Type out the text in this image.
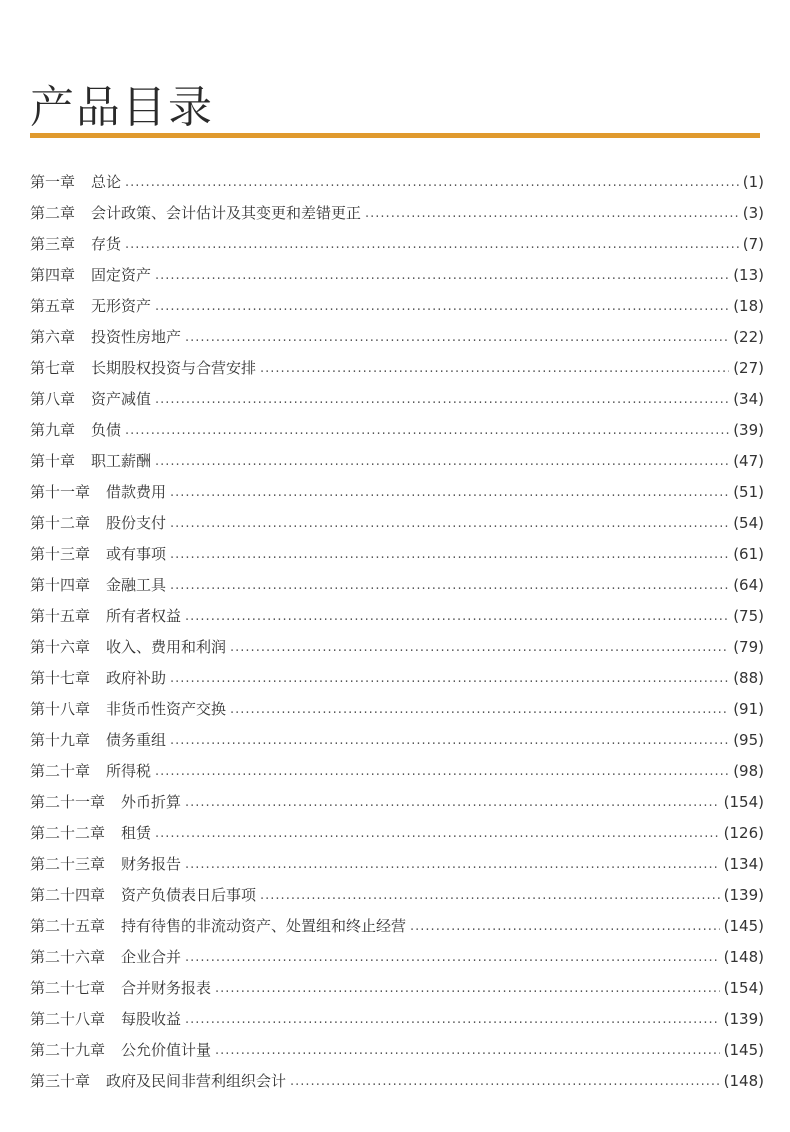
产品目录
第一章 总论 .....	(1)
第二章 会计政策、会计估计及其变更和差错更正 .....	(3)
第三章 存货 .....	(7)
第四章 固定资产 .....	(13)
第五章 无形资产 .....	(18)
第六章 投资性房地产 .....	(22)
第七章 长期股权投资与合营安排 .....	(27)
第八章 资产减值 .....	(34)
第九章 负债 .....	(39)
第十章 职工薪酬 .....	(47)
第十一章 借款费用 .....	(51)
第十二章 股份支付 .....	(54)
第十三章 或有事项 .....	(61)
第十四章 金融工具 .....	(64)
第十五章 所有者权益 .....	(75)
第十六章 收入、费用和利润 .....	(79)
第十七章 政府补助 .....	(88)
第十八章 非货币性资产交换 .....	(91)
第十九章 债务重组 .....	(95)
第二十章 所得税 .....	(98)
第二十一章 外币折算 .....	(154)
第二十二章 租赁 .....	(126)
第二十三章 财务报告 .....	(134)
第二十四章 资产负债表日后事项 .....	(139)
第二十五章 持有待售的非流动资产、处置组和终止经营 .....	(145)
第二十六章 企业合并 .....	(148)
第二十七章 合并财务报表 .....	(154)
第二十八章 每股收益 .....	(139)
第二十九章 公允价值计量 .....	(145)
第三十章 政府及民间非营利组织会计 .....	(148)
